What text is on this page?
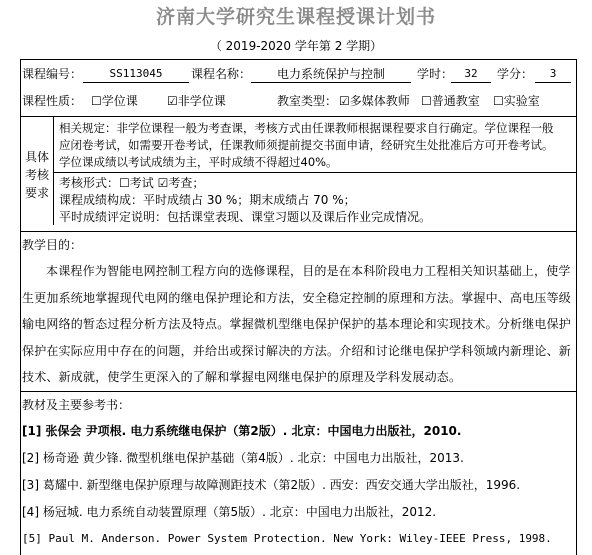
济南大学研究生课程授课计划书
（ 2019-2020 学年第 2 学期）
课程编号：	SS113045	课程名称：	电力系统保护与控制	学时：	32	学分：	3
课程性质： ☐学位课 ☑非学位课	教室类型： ☑多媒体教师 ☐普通教室 ☐实验室
具体
考核
要求
相关规定：非学位课程一般为考查课，考核方式由任课教师根据课程要求自行确定。学位课程一般
应闭卷考试，如需要开卷考试，任课教师须提前提交书面申请，经研究生处批准后方可开卷考试。
学位课成绩以考试成绩为主，平时成绩不得超过40%。
考核形式：☐考试 ☑考查；
课程成绩构成：平时成绩占 30 %；期末成绩占 70 %；
平时成绩评定说明：包括课堂表现、课堂习题以及课后作业完成情况。
教学目的：
本课程作为智能电网控制工程方向的选修课程，目的是在本科阶段电力工程相关知识基础上，使学生更加系统地掌握现代电网的继电保护理论和方法，安全稳定控制的原理和方法。掌握中、高电压等级输电网络的暂态过程分析方法及特点。掌握微机型继电保护保护的基本理论和实现技术。分析继电保护保护在实际应用中存在的问题，并给出或探讨解决的方法。介绍和讨论继电保护学科领域内新理论、新技术、新成就，使学生更深入的了解和掌握电网继电保护的原理及学科发展动态。
教材及主要参考书：
[1] 张保会 尹项根. 电力系统继电保护（第2版）. 北京：中国电力出版社，2010.
[2] 杨奇逊 黄少锋. 微型机继电保护基础（第4版）. 北京：中国电力出版社，2013.
[3] 葛耀中. 新型继电保护原理与故障测距技术（第2版）. 西安：西安交通大学出版社，1996.
[4] 杨冠城. 电力系统自动装置原理（第5版）. 北京：中国电力出版社，2012.
[5] Paul M. Anderson. Power System Protection. New York: Wiley-IEEE Press, 1998.
